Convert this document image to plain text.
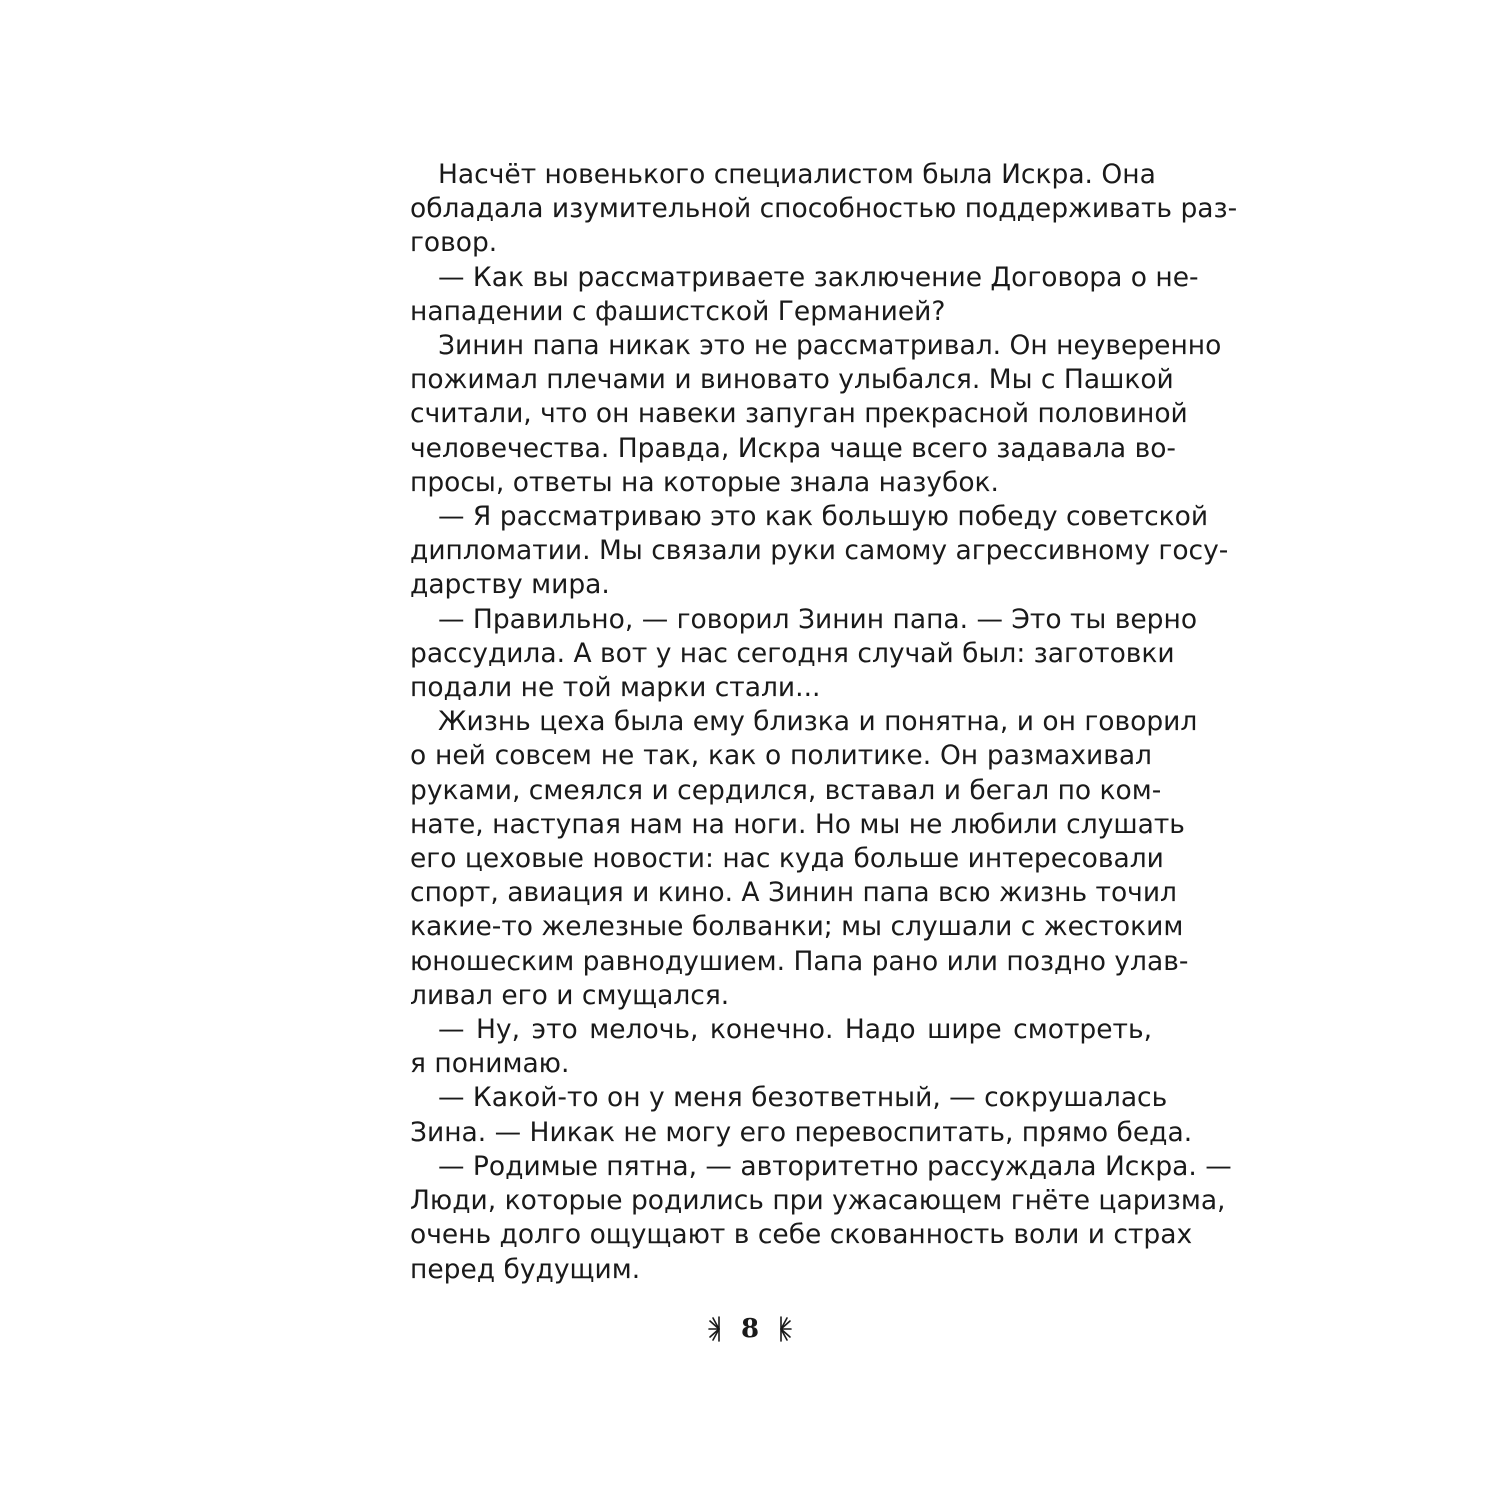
Насчёт новенького специалистом была Искра. Она
обладала изумительной способностью поддерживать раз-
говор.
— Как вы рассматриваете заключение Договора о не-
нападении с фашистской Германией?
Зинин папа никак это не рассматривал. Он неуверенно
пожимал плечами и виновато улыбался. Мы с Пашкой
считали, что он навеки запуган прекрасной половиной
человечества. Правда, Искра чаще всего задавала во-
просы, ответы на которые знала назубок.
— Я рассматриваю это как большую победу советской
дипломатии. Мы связали руки самому агрессивному госу-
дарству мира.
— Правильно, — говорил Зинин папа. — Это ты верно
рассудила. А вот у нас сегодня случай был: заготовки
подали не той марки стали...
Жизнь цеха была ему близка и понятна, и он говорил
о ней совсем не так, как о политике. Он размахивал
руками, смеялся и сердился, вставал и бегал по ком-
нате, наступая нам на ноги. Но мы не любили слушать
его цеховые новости: нас куда больше интересовали
спорт, авиация и кино. А Зинин папа всю жизнь точил
какие-то железные болванки; мы слушали с жестоким
юношеским равнодушием. Папа рано или поздно улав-
ливал его и смущался.
— Ну, это мелочь, конечно. Надо шире смотреть,
я понимаю.
— Какой-то он у меня безответный, — сокрушалась
Зина. — Никак не могу его перевоспитать, прямо беда.
— Родимые пятна, — авторитетно рассуждала Искра. —
Люди, которые родились при ужасающем гнёте царизма,
очень долго ощущают в себе скованность воли и страх
перед будущим.
8
